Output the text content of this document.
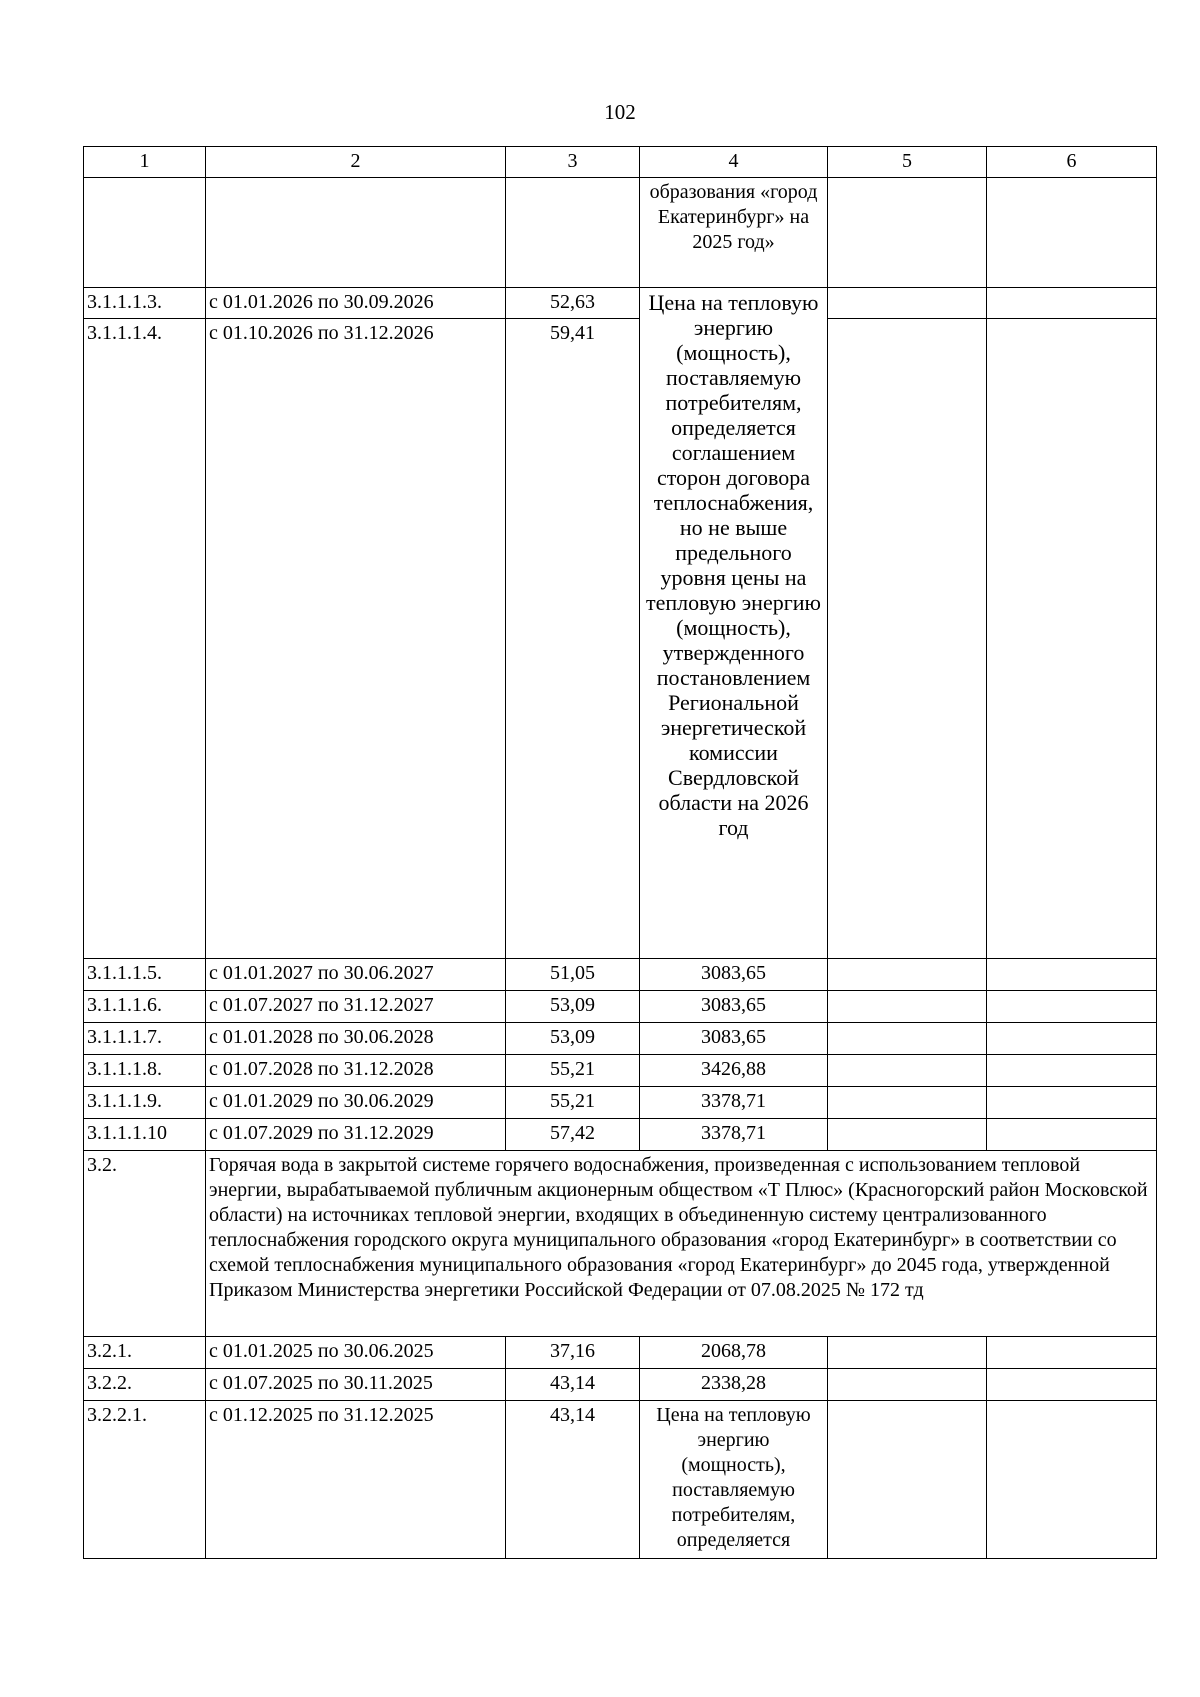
102
1	2	3	4	5	6
			образования «город Екатеринбург» на 2025 год»		
3.1.1.1.3.	с 01.01.2026 по 30.09.2026	52,63	Цена на тепловую энергию (мощность), поставляемую потребителям, определяется соглашением сторон договора теплоснабжения, но не выше предельного уровня цены на тепловую энергию (мощность), утвержденного постановлением Региональной энергетической комиссии Свердловской области на 2026 год		
3.1.1.1.4.	с 01.10.2026 по 31.12.2026	59,41			
3.1.1.1.5.	с 01.01.2027 по 30.06.2027	51,05	3083,65		
3.1.1.1.6.	с 01.07.2027 по 31.12.2027	53,09	3083,65		
3.1.1.1.7.	с 01.01.2028 по 30.06.2028	53,09	3083,65		
3.1.1.1.8.	с 01.07.2028 по 31.12.2028	55,21	3426,88		
3.1.1.1.9.	с 01.01.2029 по 30.06.2029	55,21	3378,71		
3.1.1.1.10	с 01.07.2029 по 31.12.2029	57,42	3378,71		
3.2.	Горячая вода в закрытой системе горячего водоснабжения, произведенная с использованием тепловой энергии, вырабатываемой публичным акционерным обществом «Т Плюс» (Красногорский район Московской области) на источниках тепловой энергии, входящих в объединенную систему централизованного теплоснабжения городского округа муниципального образования «город Екатеринбург» в соответствии со схемой теплоснабжения муниципального образования «город Екатеринбург» до 2045 года, утвержденной Приказом Министерства энергетики Российской Федерации от 07.08.2025 № 172 тд				
3.2.1.	с 01.01.2025 по 30.06.2025	37,16	2068,78		
3.2.2.	с 01.07.2025 по 30.11.2025	43,14	2338,28		
3.2.2.1.	с 01.12.2025 по 31.12.2025	43,14	Цена на тепловую энергию (мощность), поставляемую потребителям, определяется		
